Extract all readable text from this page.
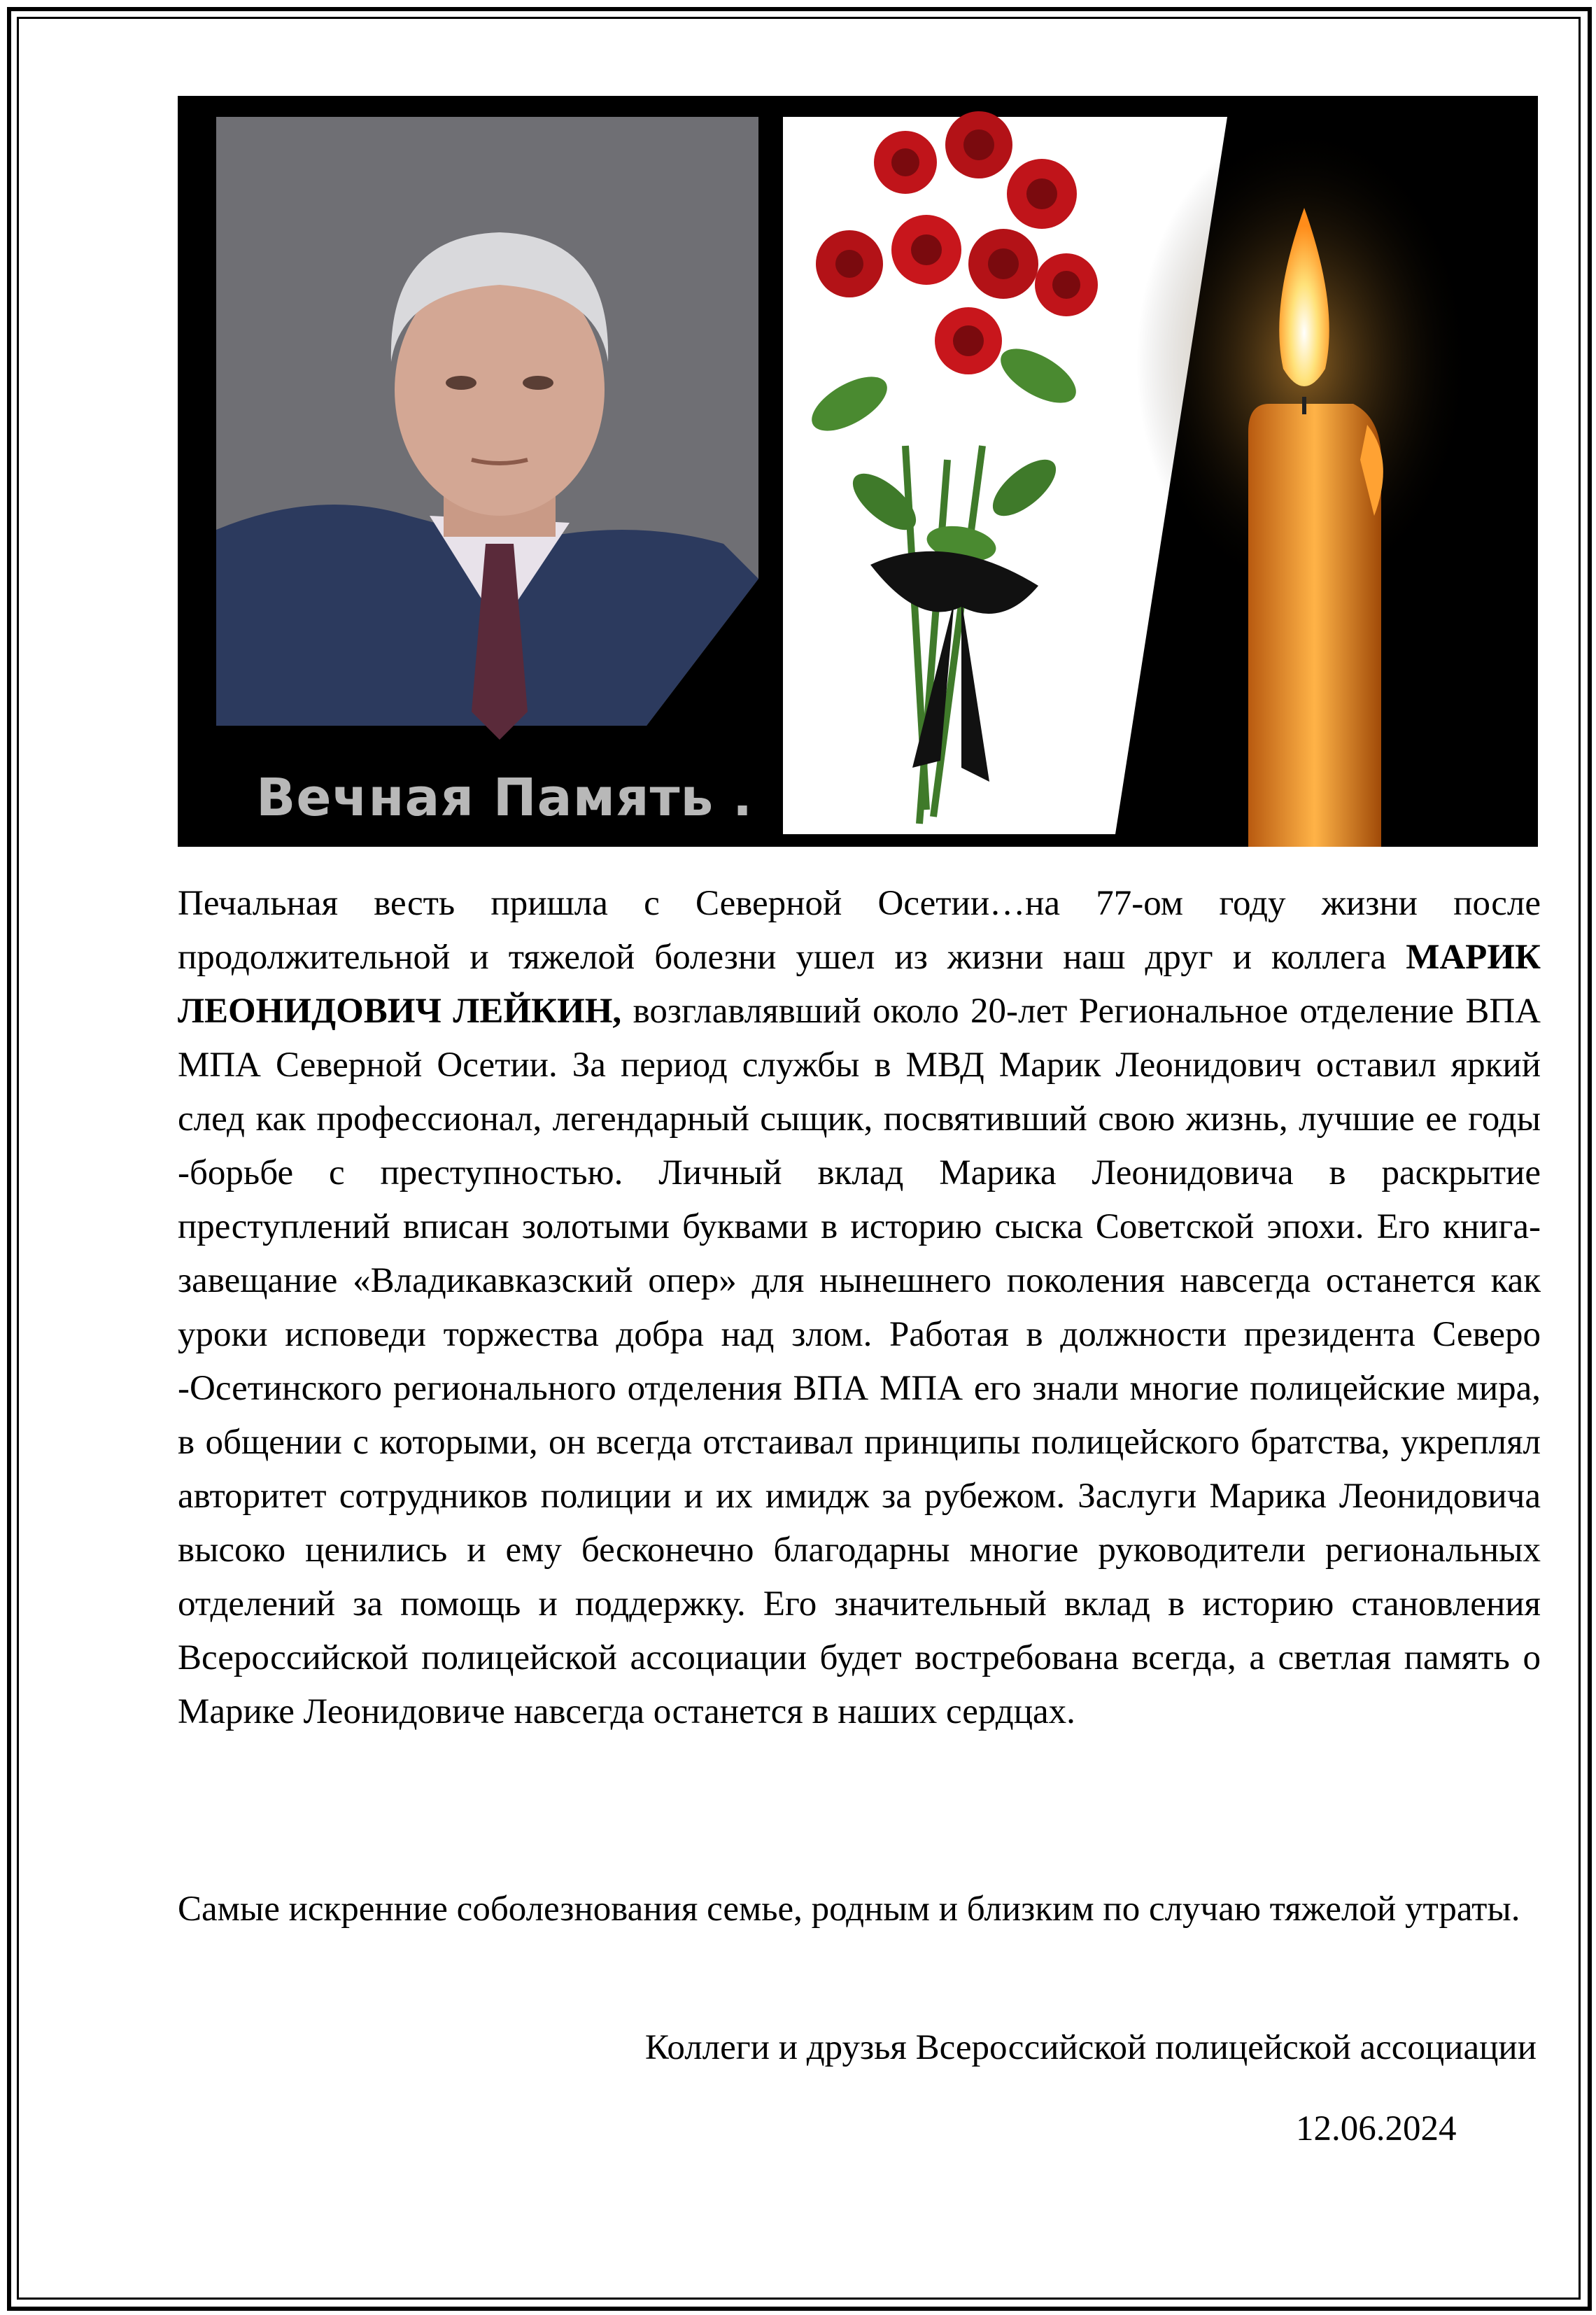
Вечная Память .
Печальная весть пришла с Северной Осетии…на 77-ом году жизни после продолжительной и тяжелой болезни ушел из жизни наш друг и коллега МАРИК ЛЕОНИДОВИЧ ЛЕЙКИН, возглавлявший около 20-лет Региональное отделение ВПА МПА Северной Осетии. За период службы в МВД Марик Леонидович оставил яркий след как профессионал, легендарный сыщик, посвятивший свою жизнь, лучшие ее годы -борьбе с преступностью. Личный вклад Марика Леонидовича в раскрытие преступлений вписан золотыми буквами в историю сыска Советской эпохи. Его книга-завещание «Владикавказский опер» для нынешнего поколения навсегда останется как уроки исповеди торжества добра над злом. Работая в должности президента Северо -Осетинского регионального отделения ВПА МПА его знали многие полицейские мира, в общении с которыми, он всегда отстаивал принципы полицейского братства, укреплял авторитет сотрудников полиции и их имидж за рубежом. Заслуги Марика Леонидовича высоко ценились и ему бесконечно благодарны многие руководители региональных отделений за помощь и поддержку. Его значительный вклад в историю становления Всероссийской полицейской ассоциации будет востребована всегда, а светлая память о Марике Леонидовиче навсегда останется в наших сердцах.
Самые искренние соболезнования семье, родным и близким по случаю тяжелой утраты.
Коллеги и друзья Всероссийской полицейской ассоциации
12.06.2024
